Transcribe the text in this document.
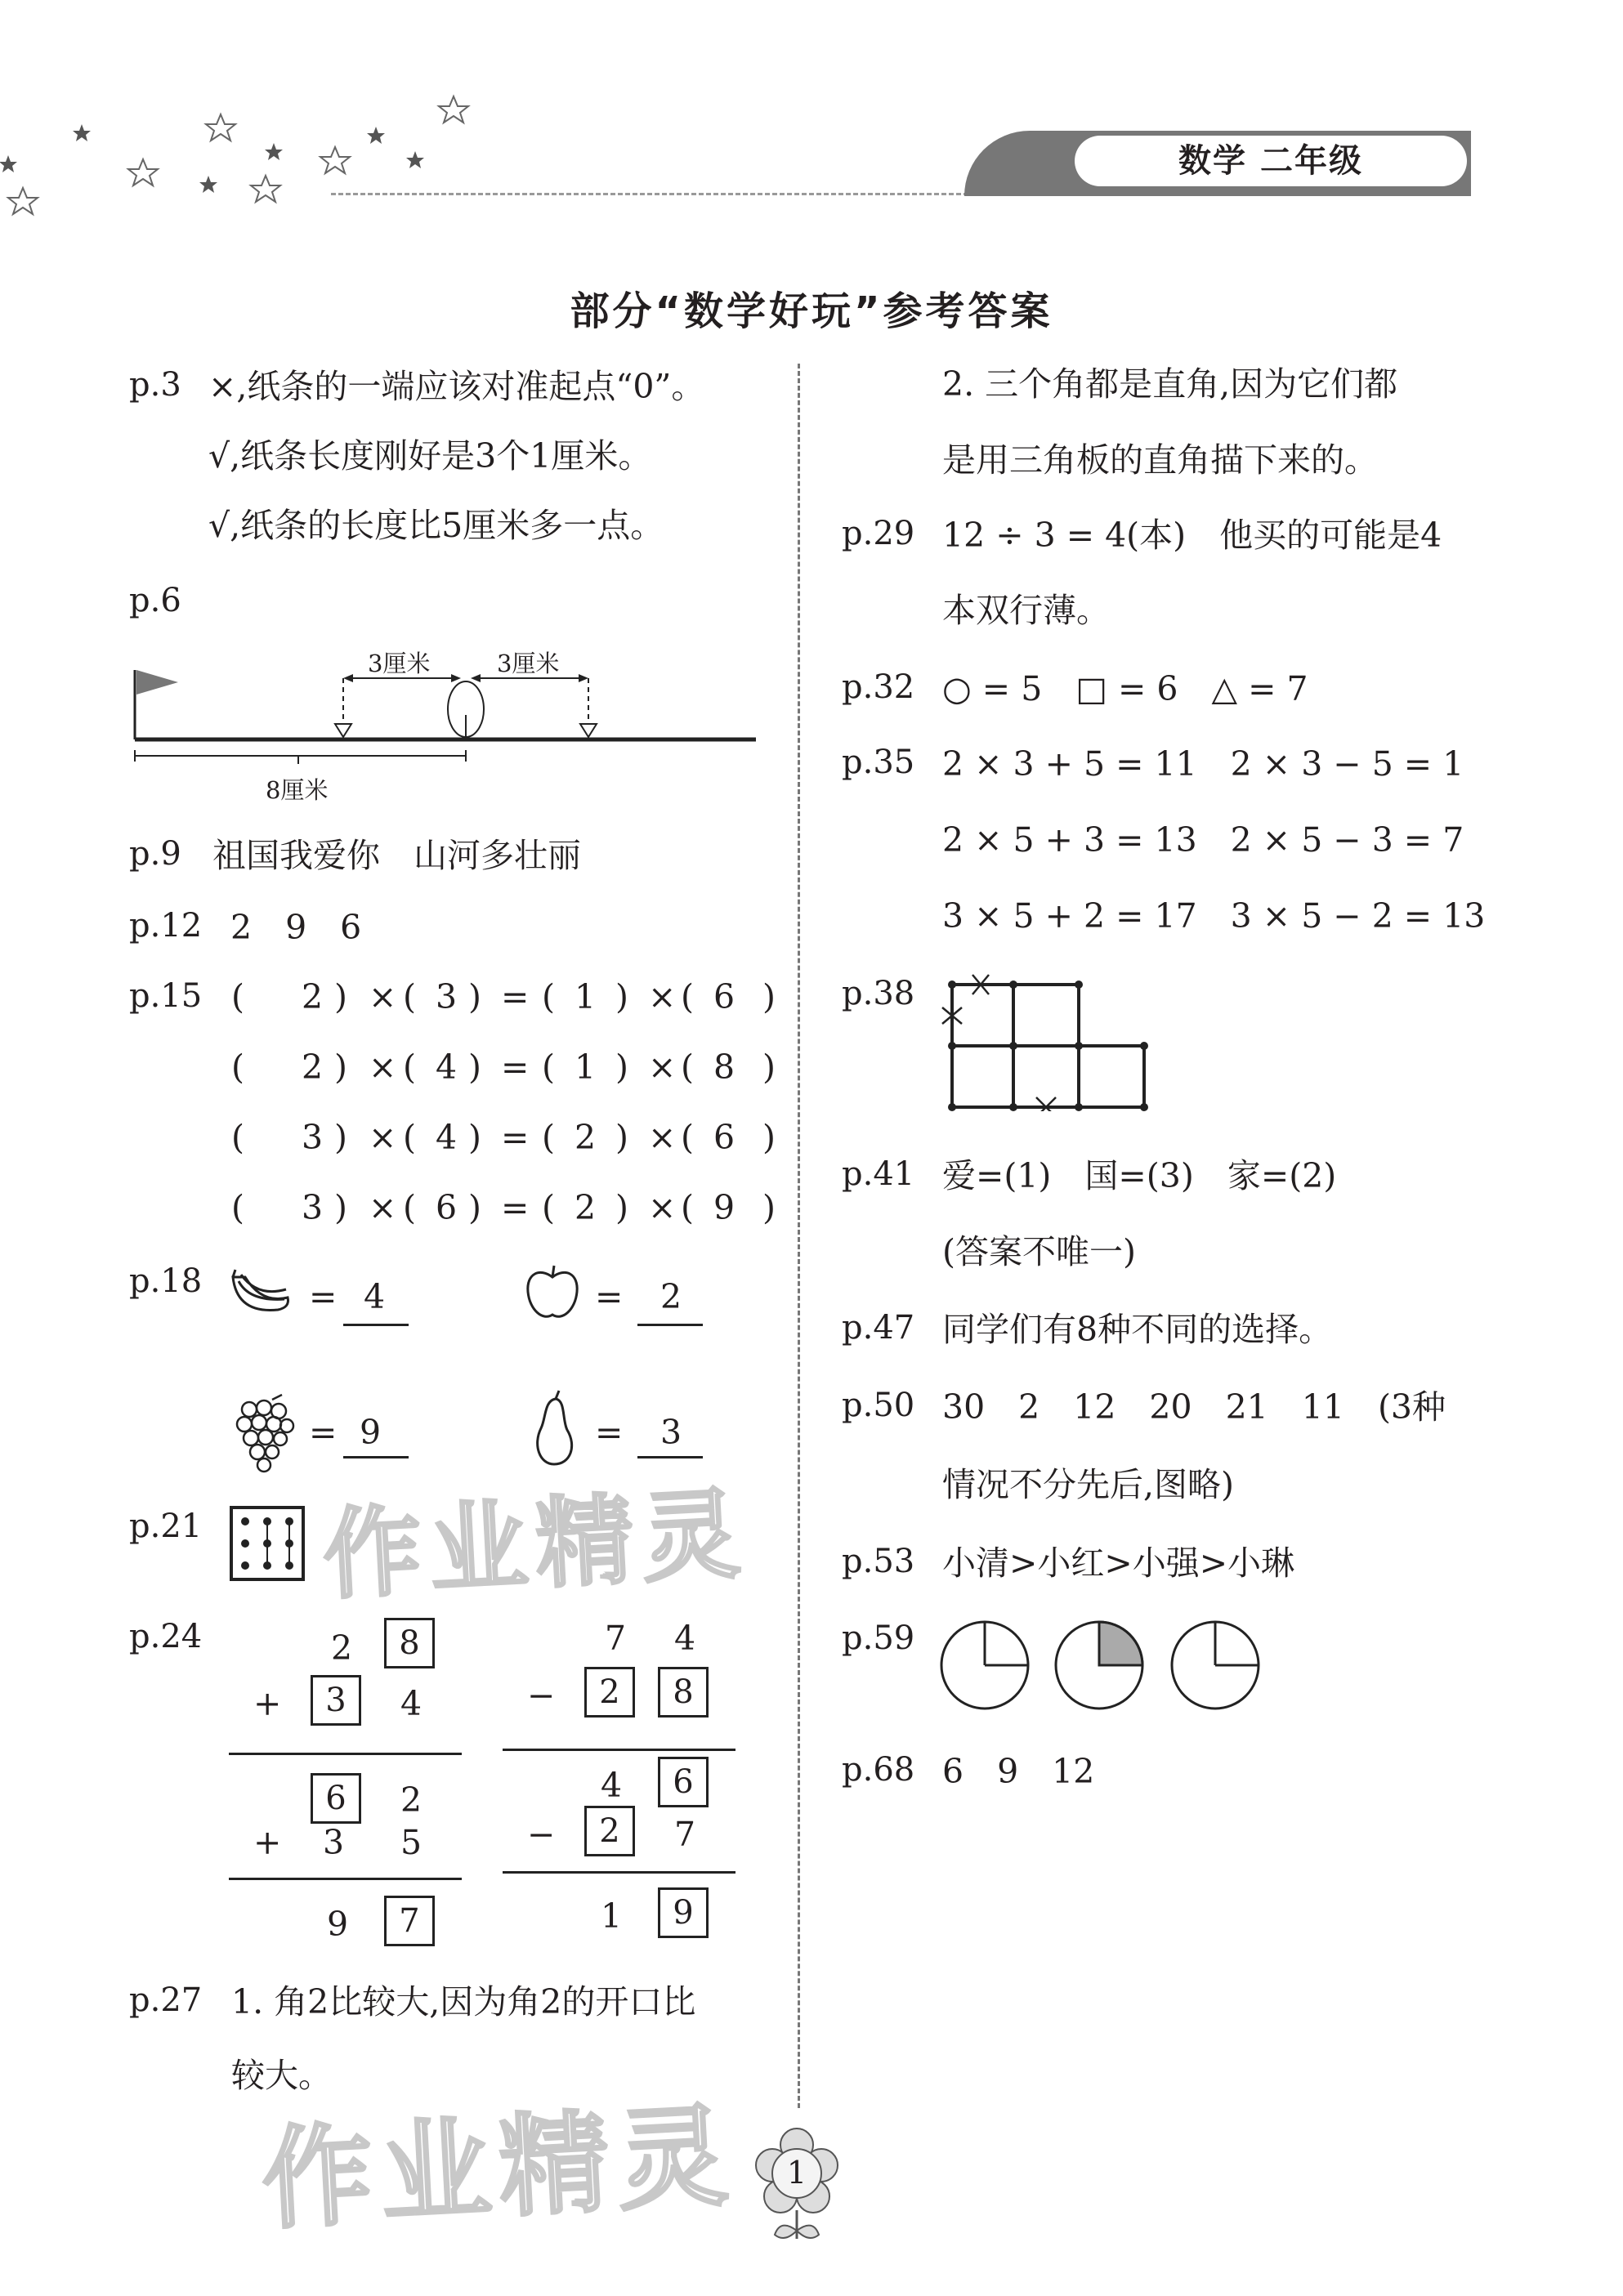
数学 二年级
部分“数学好玩”参考答案
p.3 ×,纸条的一端应该对准起点“0”。
√,纸条长度刚好是3个1厘米。
√,纸条的长度比5厘米多一点。
p.6
3厘米	3厘米
8厘米
p.9 祖国我爱你　山河多壮丽
p.12 2　9　6
p.15 (	2 ) × ( 3 ) = ( 1 ) × ( 6 )
(	2 ) × ( 4 ) = ( 1 ) × ( 8 )
(	3 ) × ( 4 ) = ( 2 ) × ( 6 )
(	3 ) × ( 6 ) = ( 2 ) × ( 9 )
p.18	= 4	= 2
= 9	= 3
p.21
p.24	2	8
+	3	4
6	2
+ 3 5
9	7
7 4
−	2	8
4	6
−	2	7
1	9
p.27 1. 角2比较大,因为角2的开口比
较大。
2. 三个角都是直角,因为它们都
是用三角板的直角描下来的。
p.29 12 ÷ 3 = 4(本)　他买的可能是4
本双行薄。
p.32 ○ = 5　□ = 6　△ = 7
p.35 2 × 3 + 5 = 11　2 × 3 − 5 = 1
2 × 5 + 3 = 13　2 × 5 − 3 = 7
3 × 5 + 2 = 17　3 × 5 − 2 = 13
p.38
p.41 爱=(1)　国=(3)　家=(2)
(答案不唯一)
p.47 同学们有8种不同的选择。
p.50 30　2　12　20　21　11　(3种
情况不分先后,图略)
p.53 小清>小红>小强>小琳
p.59
p.68 6　9　12
作业精灵
作业精灵	1
